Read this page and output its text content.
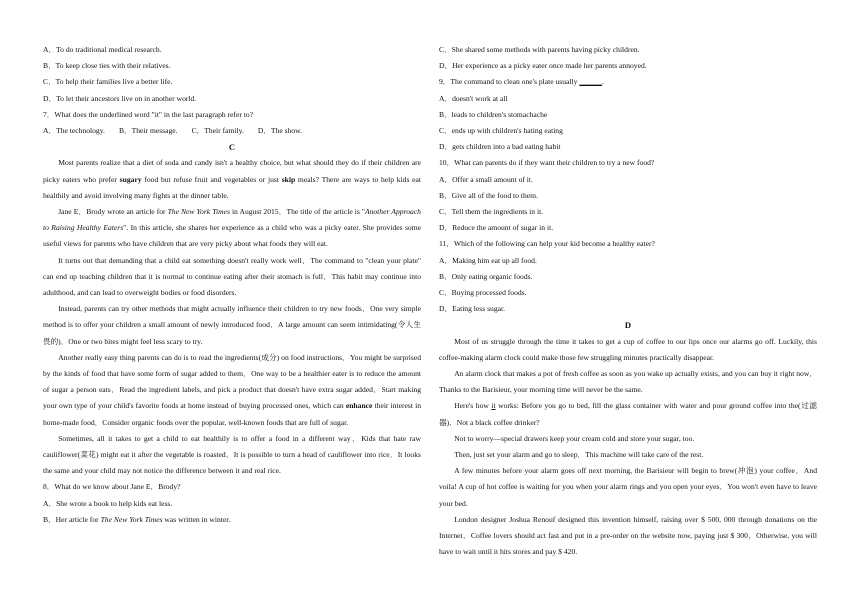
A．To do traditional medical research.
B．To keep close ties with their relatives.
C．To help their families live a better life.
D．To let their ancestors live on in another world.
7．What does the underlined word "it" in the last paragraph refer to?
A．The technology. B．Their message. C．Their family. D．The show.
C
Most parents realize that a diet of soda and candy isn't a healthy choice, but what should they do if their children are picky eaters who prefer sugary food but refuse fruit and vegetables or just skip meals? There are ways to help kids eat healthily and avoid involving many fights at the dinner table.
Jane E．Brody wrote an article for The New York Times in August 2015．The title of the article is "Another Approach to Raising Healthy Eaters". In this article, she shares her experience as a child who was a picky eater. She provides some useful views for parents who have children that are very picky about what foods they will eat.
It turns out that demanding that a child eat something doesn't really work well．The command to "clean your plate" can end up teaching children that it is normal to continue eating after their stomach is full．This habit may continue into adulthood, and can lead to overweight bodies or food disorders.
Instead, parents can try other methods that might actually influence their children to try new foods．One very simple method is to offer your children a small amount of newly introduced food．A large amount can seem intimidating(令人生畏的)．One or two bites might feel less scary to try.
Another really easy thing parents can do is to read the ingredients(成分) on food instructions．You might be surprised by the kinds of food that have some form of sugar added to them．One way to be a healthier eater is to reduce the amount of sugar a person eats．Read the ingredient labels, and pick a product that doesn't have extra sugar added．Start making your own type of your child's favorite foods at home instead of buying processed ones, which can enhance their interest in home-made food．Consider organic foods over the popular, well-known foods that are full of sugar.
Sometimes, all it takes to get a child to eat healthily is to offer a food in a different way．Kids that hate raw cauliflower(菜花) might eat it after the vegetable is roasted．It is possible to turn a head of cauliflower into rice．It looks the same and your child may not notice the difference between it and real rice.
8．What do we know about Jane E．Brody?
A．She wrote a book to help kids eat less.
B．Her article for The New York Times was written in winter.
C．She shared some methods with parents having picky children.
D．Her experience as a picky eater once made her parents annoyed.
9．The command to clean one's plate usually ______.
A．doesn't work at all
B．leads to children's stomachache
C．ends up with children's hating eating
D．gets children into a bad eating habit
10．What can parents do if they want their children to try a new food?
A．Offer a small amount of it.
B．Give all of the food to them.
C．Tell them the ingredients in it.
D．Reduce the amount of sugar in it.
11．Which of the following can help your kid become a healthy eater?
A．Making him eat up all food.
B．Only eating organic foods.
C．Buying processed foods.
D．Eating less sugar.
D
Most of us struggle through the time it takes to get a cup of coffee to our lips once our alarms go off. Luckily, this coffee-making alarm clock could make those few struggling minutes practically disappear.
An alarm clock that makes a pot of fresh coffee as soon as you wake up actually exists, and you can buy it right now．Thanks to the Barisieur, your morning time will never be the same.
Here's how it works: Before you go to bed, fill the glass container with water and pour ground coffee into the(过滤器)．Not a black coffee drinker?
Not to worry—special drawers keep your cream cold and store your sugar, too.
Then, just set your alarm and go to sleep．This machine will take care of the rest.
A few minutes before your alarm goes off next morning, the Barisieur will begin to brew(冲泡) your coffee．And voila! A cup of hot coffee is waiting for you when your alarm rings and you open your eyes．You won't even have to leave your bed.
London designer Joshua Renouf designed this invention himself, raising over $ 500, 000 through donations on the Internet．Coffee lovers should act fast and put in a pre-order on the website now, paying just $ 300．Otherwise, you will have to wait until it hits stores and pay $ 420.
